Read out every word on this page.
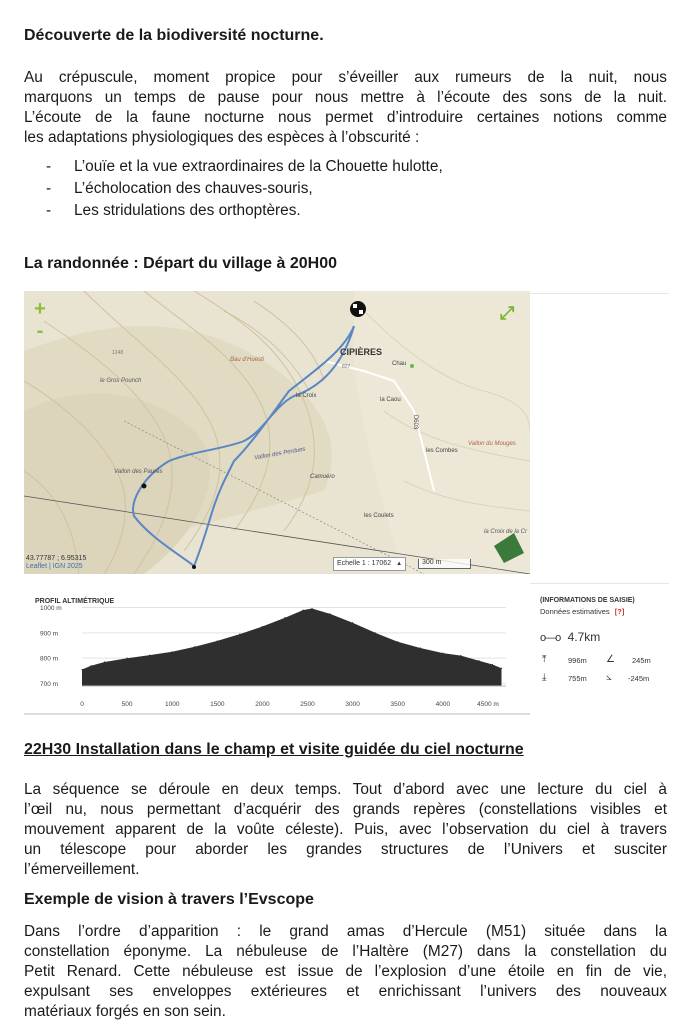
Découverte de la biodiversité nocturne.
Au crépuscule, moment propice pour s’éveiller aux rumeurs de la nuit, nous
marquons un temps de pause pour nous mettre à l’écoute des sons de la nuit.
L’écoute de la faune nocturne nous permet d’introduire certaines notions comme
les adaptations physiologiques des espèces à l’obscurité :
- L’ouïe et la vue extraordinaires de la Chouette hulotte,
- L’écholocation des chauves-souris,
- Les stridulations des orthoptères.
La randonnée : Départ du village à 20H00
+
-
CIPIÈRES
le Gros Pounch
Bau d’Huesti
la Croix
Chau
la Caou
Vallon des Paurès
Vallon des Perdues
Camuéro
les Combes
les Coulets
Vallon du Mouges
la Croix de la Cr
1248
D603
827
⤢
43.77787 ; 6.95315
Leaflet | IGN 2025	Echelle 1 : 17062 ▲	300 m
PROFIL ALTIMÉTRIQUE
1000 m
900 m
800 m
700 m
0	500	1000	1500	2000	2500	3000	3500	4000	4500 m
(INFORMATIONS DE SAISIE)
Données estimatives [?]
o—o 4.7km
⤒	996m ∠ 245m
⤓	755m ⦣ -245m
22H30 Installation dans le champ et visite guidée du ciel nocturne
La séquence se déroule en deux temps. Tout d’abord avec une lecture du ciel à
l’œil nu, nous permettant d’acquérir des grands repères (constellations visibles et
mouvement apparent de la voûte céleste). Puis, avec l’observation du ciel à travers
un télescope pour aborder les grandes structures de l’Univers et susciter
l’émerveillement.
Exemple de vision à travers l’Evscope
Dans l’ordre d’apparition : le grand amas d’Hercule (M51) située dans la
constellation éponyme. La nébuleuse de l’Haltère (M27) dans la constellation du
Petit Renard. Cette nébuleuse est issue de l’explosion d’une étoile en fin de vie,
expulsant ses enveloppes extérieures et enrichissant l’univers des nouveaux
matériaux forgés en son sein.
